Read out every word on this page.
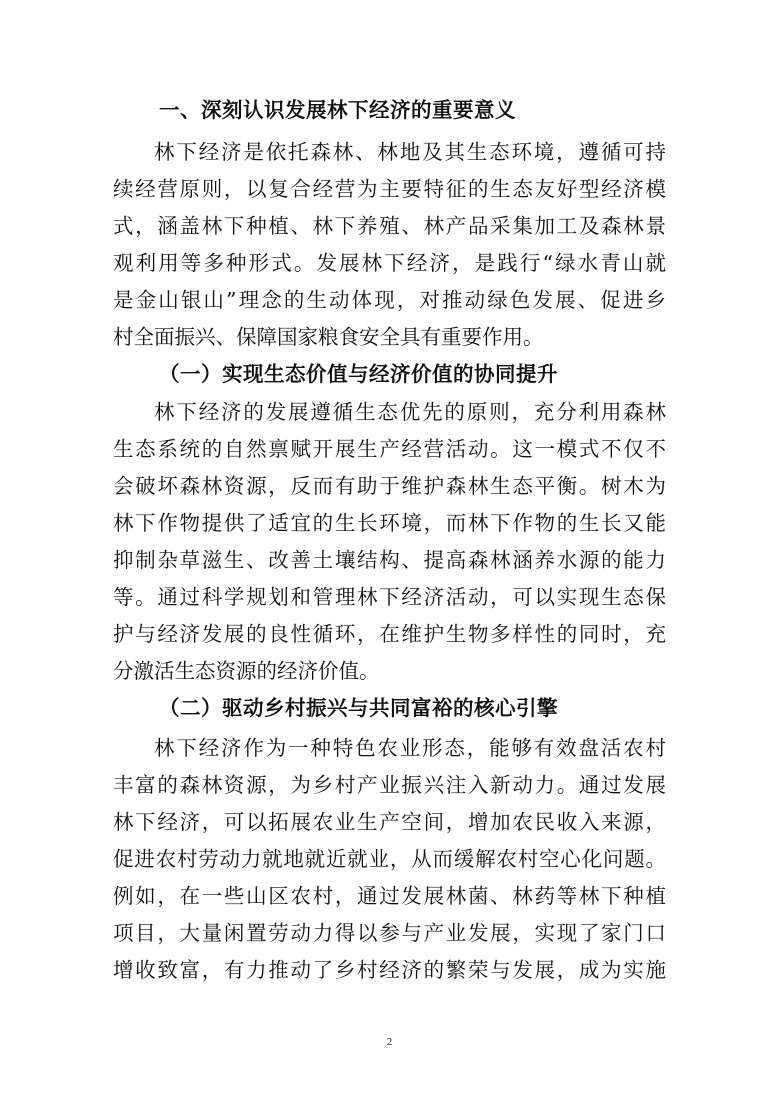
一、深刻认识发展林下经济的重要意义
林下经济是依托森林、林地及其生态环境，遵循可持
续经营原则，以复合经营为主要特征的生态友好型经济模
式，涵盖林下种植、林下养殖、林产品采集加工及森林景
观利用等多种形式。发展林下经济，是践行“绿水青山就
是金山银山”理念的生动体现，对推动绿色发展、促进乡
村全面振兴、保障国家粮食安全具有重要作用。
（一）实现生态价值与经济价值的协同提升
林下经济的发展遵循生态优先的原则，充分利用森林
生态系统的自然禀赋开展生产经营活动。这一模式不仅不
会破坏森林资源，反而有助于维护森林生态平衡。树木为
林下作物提供了适宜的生长环境，而林下作物的生长又能
抑制杂草滋生、改善土壤结构、提高森林涵养水源的能力
等。通过科学规划和管理林下经济活动，可以实现生态保
护与经济发展的良性循环，在维护生物多样性的同时，充
分激活生态资源的经济价值。
（二）驱动乡村振兴与共同富裕的核心引擎
林下经济作为一种特色农业形态，能够有效盘活农村
丰富的森林资源，为乡村产业振兴注入新动力。通过发展
林下经济，可以拓展农业生产空间，增加农民收入来源，
促进农村劳动力就地就近就业，从而缓解农村空心化问题。
例如，在一些山区农村，通过发展林菌、林药等林下种植
项目，大量闲置劳动力得以参与产业发展，实现了家门口
增收致富，有力推动了乡村经济的繁荣与发展，成为实施
2
